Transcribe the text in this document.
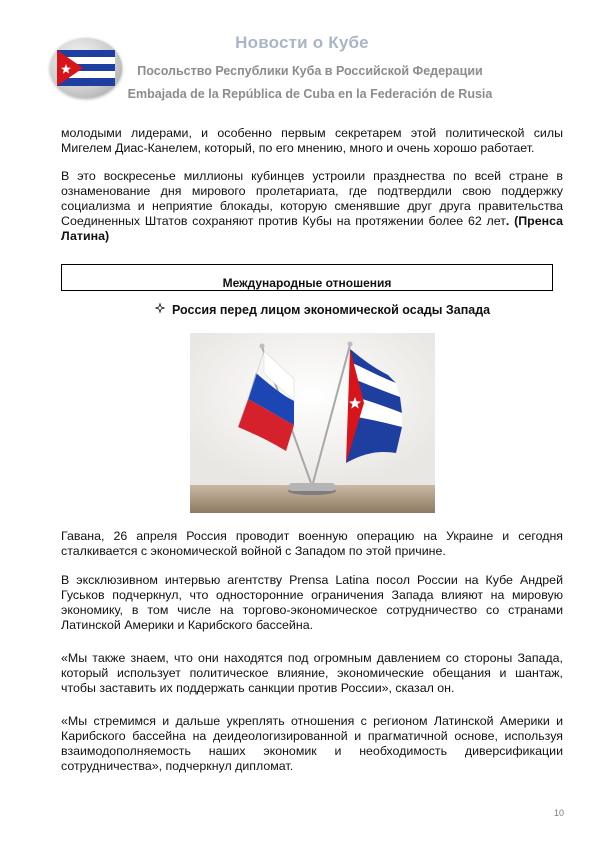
Новости о Кубе
Посольство Республики Куба в Российской Федерации
Embajada de la República de Cuba en la Federación de Rusia

молодыми лидерами, и особенно первым секретарем этой политической силы Мигелем Диас-Канелем, который, по его мнению, много и очень хорошо работает.

В это воскресенье миллионы кубинцев устроили празднества по всей стране в ознаменование дня мирового пролетариата, где подтвердили свою поддержку социализма и неприятие блокады, которую сменявшие друг друга правительства Соединенных Штатов сохраняют против Кубы на протяжении более 62 лет. (Пренса Латина)

Международные отношения
Россия перед лицом экономической осады Запада

Гавана, 26 апреля Россия проводит военную операцию на Украине и сегодня сталкивается с экономической войной с Западом по этой причине.

В эксклюзивном интервью агентству Prensa Latina посол России на Кубе Андрей Гуськов подчеркнул, что односторонние ограничения Запада влияют на мировую экономику, в том числе на торгово-экономическое сотрудничество со странами Латинской Америки и Карибского бассейна.

«Мы также знаем, что они находятся под огромным давлением со стороны Запада, который использует политическое влияние, экономические обещания и шантаж, чтобы заставить их поддержать санкции против России», сказал он.

«Мы стремимся и дальше укреплять отношения с регионом Латинской Америки и Карибского бассейна на деидеологизированной и прагматичной основе, используя взаимодополняемость наших экономик и необходимость диверсификации сотрудничества», подчеркнул дипломат.

10
